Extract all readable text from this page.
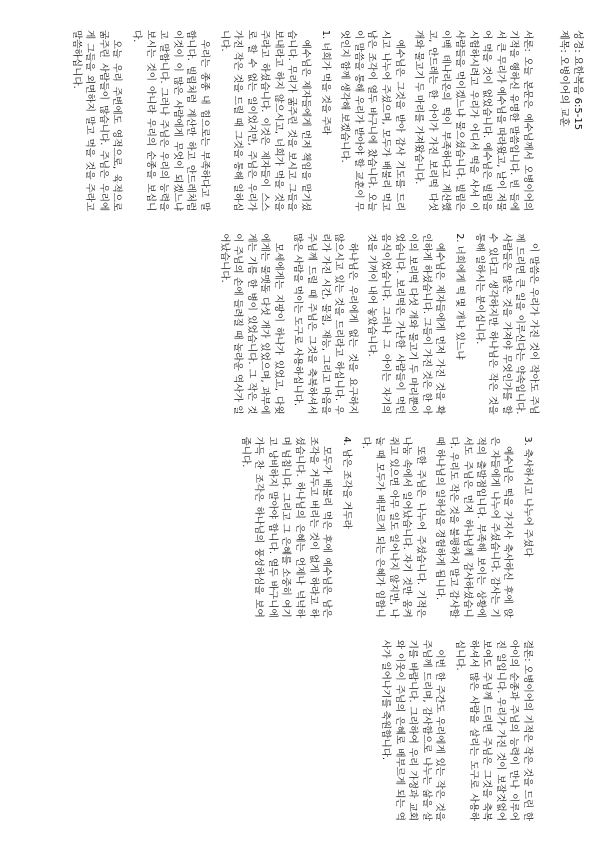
성경: 요한복음 6:5-15
제목: 오병이어의 교훈

서론: 오늘 본문은 예수님께서 오병이어의 기적을 행하신 유명한 말씀입니다. 빈 들에서 큰 무리가 예수님을 따라왔고, 날이 저물어 먹을 것이 없었습니다. 예수님은 빌립을 시험하시려고 우리가 어디서 떡을 사서 이 사람들을 먹이겠느냐 물으셨습니다. 빌립은 이백 데나리온의 떡이 부족하다고 계산했고, 안드레는 한 아이가 가진 보리떡 다섯 개와 물고기 두 마리를 가져왔습니다.

예수님은 그것을 받아 감사 기도를 드리시고 나누어 주셨으며, 모두가 배불리 먹고 남은 조각이 열두 바구니에 찼습니다. 오늘 이 말씀을 통해 우리가 받아야 할 교훈이 무엇인지 함께 생각해 보겠습니다.

1. 너희가 먹을 것을 주라

예수님은 제자들에게 먼저 책임을 맡기셨습니다. 무리가 굶주린 것을 보시고 그들을 보내라고 하지 않으시고, 너희가 먹을 것을 주라고 하셨습니다. 이것은 제자들이 스스로 할 수 없는 일이었지만, 주님은 우리가 가진 작은 것을 드릴 때 그것을 통해 일하십니다.

우리는 종종 내 힘으로는 부족하다고 말합니다. 빌립처럼 계산만 하고 안드레처럼 이것이 이 많은 사람에게 무엇이 되겠느냐고 말합니다. 그러나 주님은 우리의 능력을 보시는 것이 아니라 우리의 순종을 보십니다.

오늘 우리 주변에도 영적으로, 육적으로 굶주린 사람들이 많습니다. 주님은 우리에게 그들을 외면하지 말고 먹을 것을 주라고 말씀하십니다.

이 말씀은 우리가 가진 것이 작아도 주님께 드리면 큰 일을 이루신다는 약속입니다. 사람들은 많은 것을 가져야 무엇인가를 할 수 있다고 생각하지만 하나님은 작은 것을 통해 일하시는 분이십니다.

2. 너희에게 떡 몇 개나 있느냐

예수님은 제자들에게 먼저 가진 것을 확인하게 하셨습니다. 그들이 가진 것은 한 아이의 보리떡 다섯 개와 물고기 두 마리뿐이었습니다. 보리떡은 가난한 사람들이 먹던 음식이었습니다. 그러나 그 아이는 자기의 것을 기꺼이 내어 놓았습니다.

하나님은 우리에게 없는 것을 요구하지 않으시고 있는 것을 드리라고 하십니다. 우리가 가진 시간, 물질, 재능, 그리고 마음을 주님께 드릴 때 주님은 그것을 축복하셔서 많은 사람을 먹이는 도구로 사용하십니다.

모세에게는 지팡이 하나가 있었고, 다윗에게는 물맷돌 다섯 개가 있었으며, 과부에게는 기름 한 병이 있었습니다. 그 작은 것이 주님의 손에 들려질 때 놀라운 역사가 일어났습니다.

3. 축사하시고 나누어 주셨다

예수님은 떡을 가지사 축사하신 후에 앉은 자들에게 나누어 주셨습니다. 감사는 기적의 출발점입니다. 부족해 보이는 상황에서도 주님은 먼저 하나님께 감사하셨습니다. 우리도 작은 것을 불평하지 말고 감사할 때 하나님의 일하심을 경험하게 됩니다.

또한 주님은 나누어 주셨습니다. 기적은 나눔 속에서 일어났습니다. 자기 것만 움켜쥐고 있으면 아무 일도 일어나지 않지만, 나눌 때 모두가 배부르게 되는 은혜가 임합니다.

4. 남은 조각을 거두라

모두가 배불리 먹은 후에 예수님은 남은 조각을 거두고 버리는 것이 없게 하라고 하셨습니다. 하나님의 은혜는 언제나 넉넉하며 넘칩니다. 그리고 그 은혜를 소중히 여기고 낭비하지 말아야 합니다. 열두 바구니에 가득 찬 조각은 하나님의 풍성하심을 보여 줍니다.

결론: 오병이어의 기적은 작은 것을 드린 한 아이의 순종과 주님의 능력이 만나 이루어진 일입니다. 우리가 가진 것이 보잘것없어 보여도 주님께 드리면 주님은 그것을 축복하셔서 많은 사람을 살리는 도구로 사용하십니다.

이번 한 주간도 우리에게 있는 작은 것을 주님께 드리며, 감사함으로 나누는 삶을 살기를 바랍니다. 그리하여 우리 가정과 교회와 이웃이 주님의 은혜로 배부르게 되는 역사가 일어나기를 축원합니다.
